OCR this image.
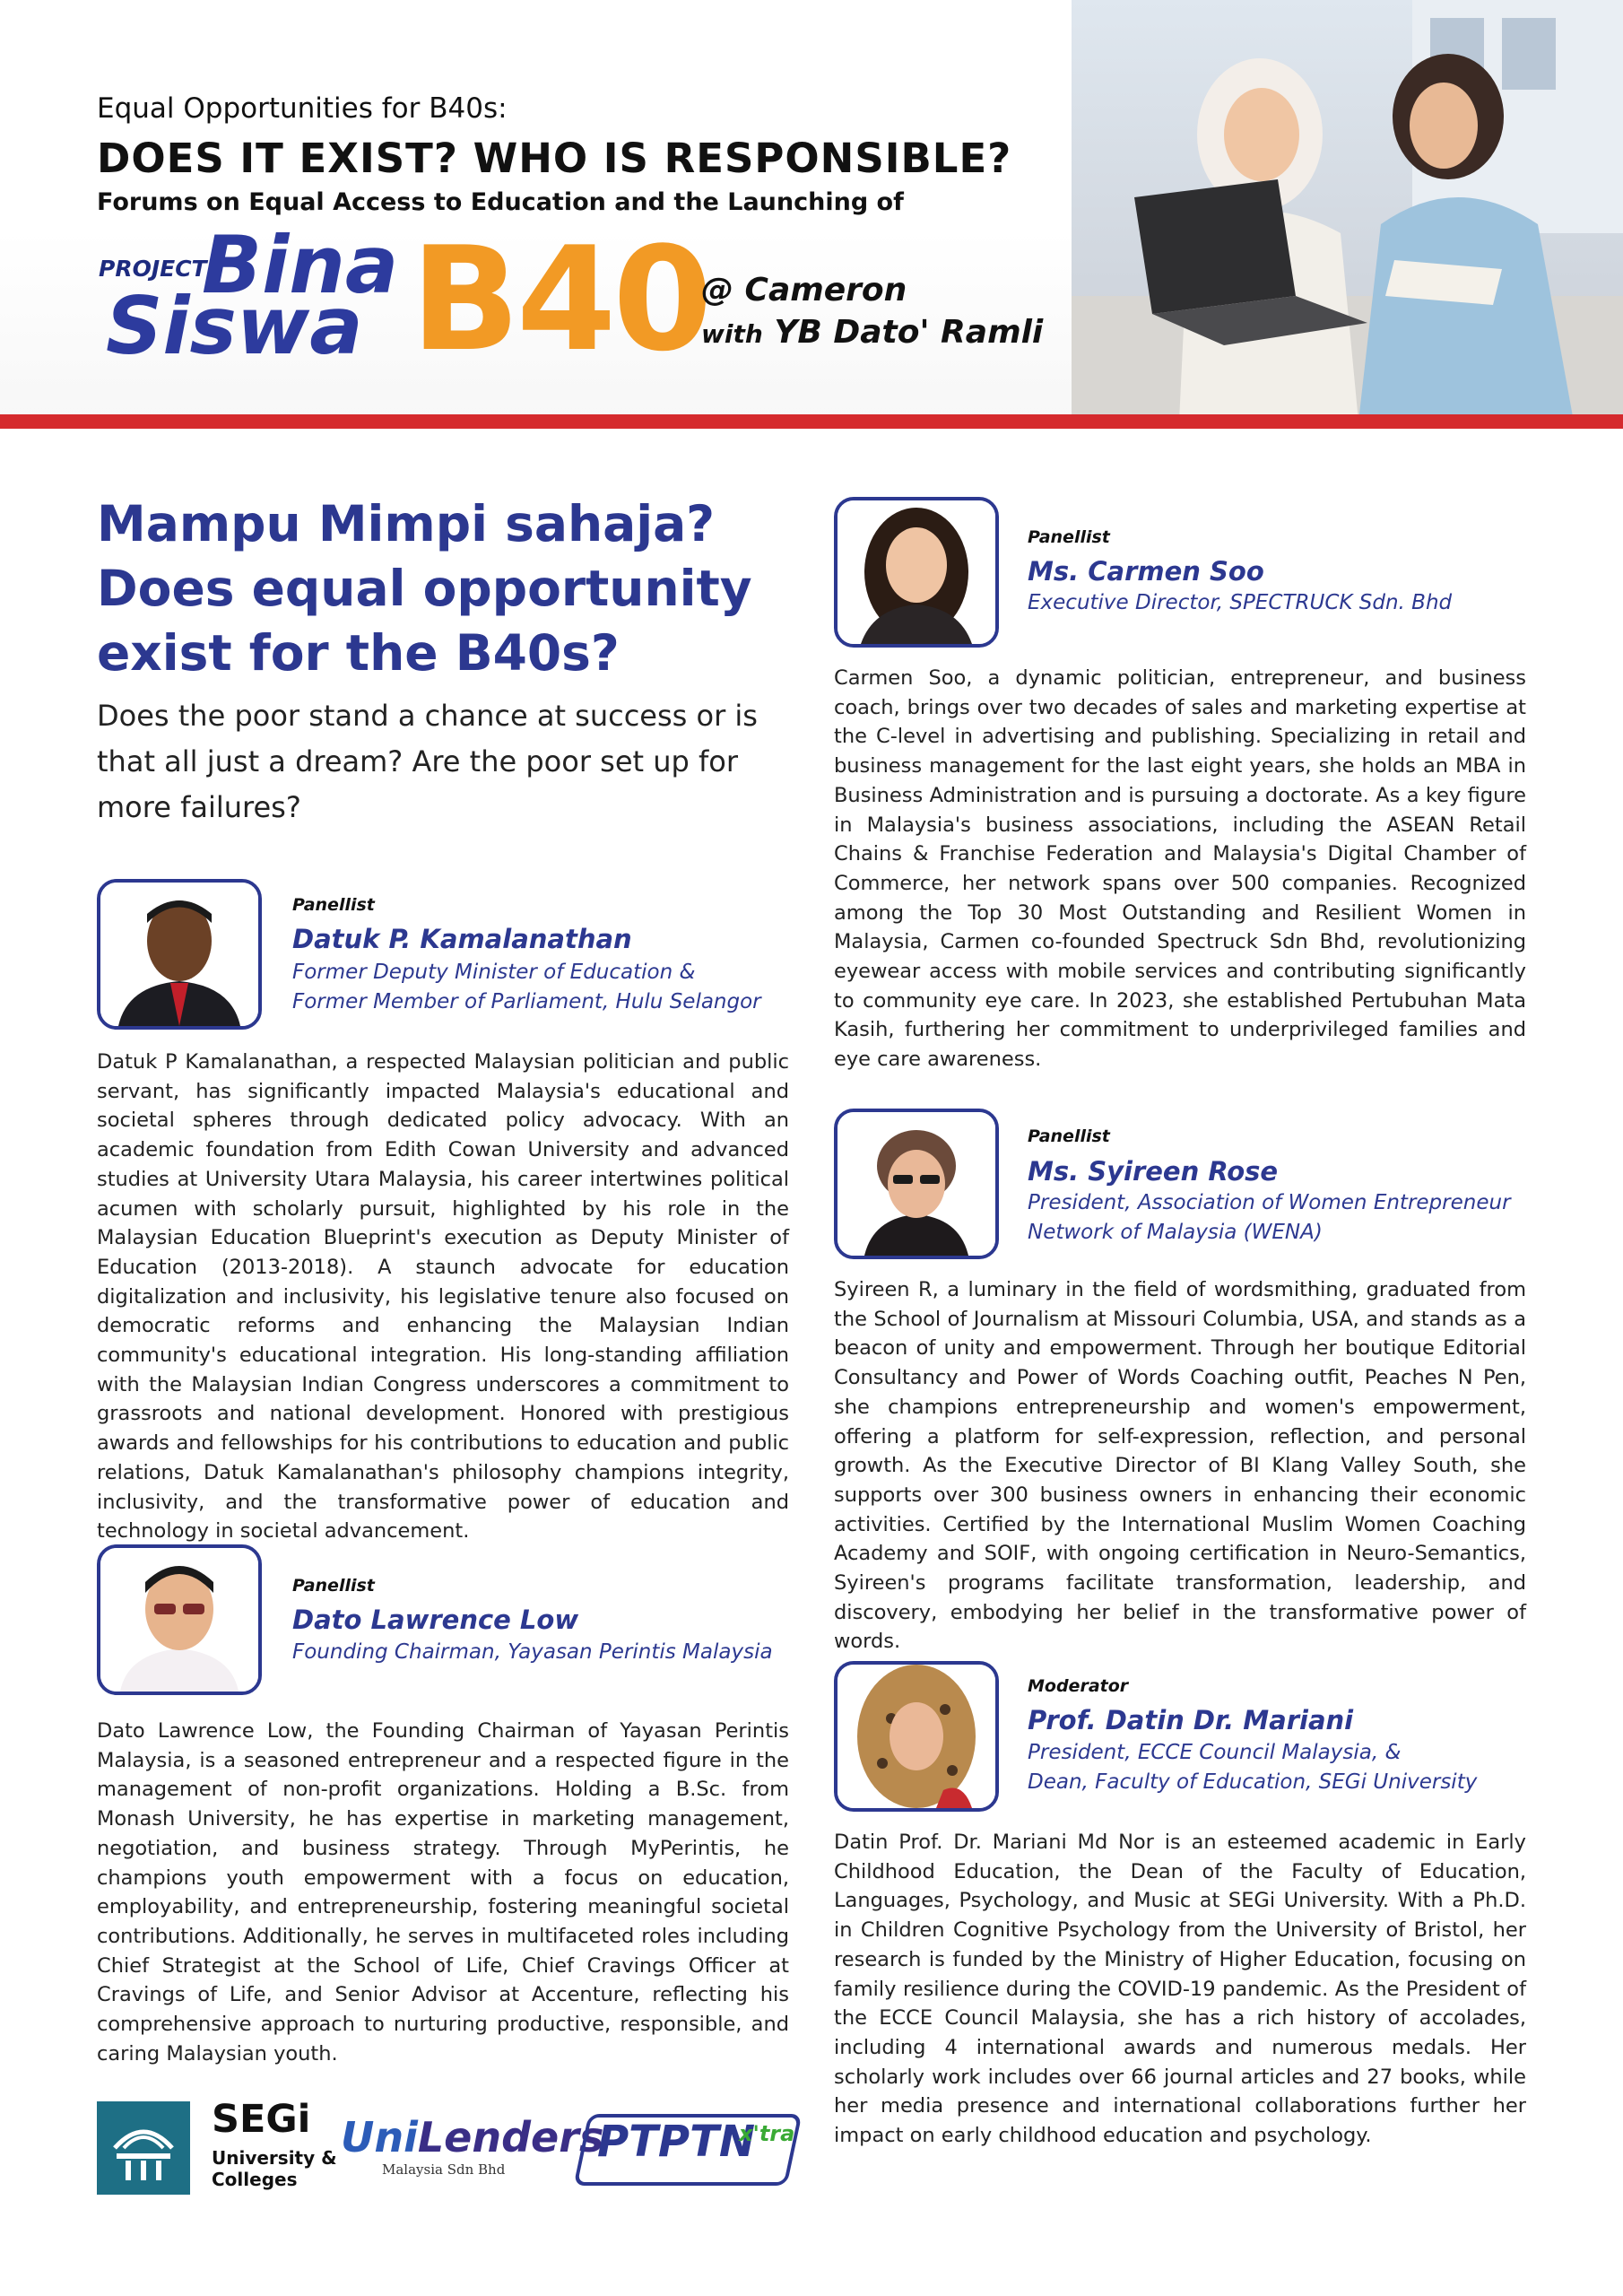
Equal Opportunities for B40s:
DOES IT EXIST? WHO IS RESPONSIBLE?
Forums on Equal Access to Education and the Launching of
PROJECT
Bina
Siswa B40
@ Cameron
with YB Dato' Ramli
Mampu Mimpi sahaja? Does equal opportunity exist for the B40s?
Does the poor stand a chance at success or is that all just a dream? Are the poor set up for more failures?
Panellist
Datuk P. Kamalanathan
Former Deputy Minister of Education &
Former Member of Parliament, Hulu Selangor
Datuk P Kamalanathan, a respected Malaysian politician and public servant, has significantly impacted Malaysia's educational and societal spheres through dedicated policy advocacy. With an academic foundation from Edith Cowan University and advanced studies at University Utara Malaysia, his career intertwines political acumen with scholarly pursuit, highlighted by his role in the Malaysian Education Blueprint's execution as Deputy Minister of Education (2013-2018). A staunch advocate for education digitalization and inclusivity, his legislative tenure also focused on democratic reforms and enhancing the Malaysian Indian community's educational integration. His long-standing affiliation with the Malaysian Indian Congress underscores a commitment to grassroots and national development. Honored with prestigious awards and fellowships for his contributions to education and public relations, Datuk Kamalanathan's philosophy champions integrity, inclusivity, and the transformative power of education and technology in societal advancement.
Panellist
Dato Lawrence Low
Founding Chairman, Yayasan Perintis Malaysia
Dato Lawrence Low, the Founding Chairman of Yayasan Perintis Malaysia, is a seasoned entrepreneur and a respected figure in the management of non-profit organizations. Holding a B.Sc. from Monash University, he has expertise in marketing management, negotiation, and business strategy. Through MyPerintis, he champions youth empowerment with a focus on education, employability, and entrepreneurship, fostering meaningful societal contributions. Additionally, he serves in multifaceted roles including Chief Strategist at the School of Life, Chief Cravings Officer at Cravings of Life, and Senior Advisor at Accenture, reflecting his comprehensive approach to nurturing productive, responsible, and caring Malaysian youth.
Panellist
Ms. Carmen Soo
Executive Director, SPECTRUCK Sdn. Bhd
Carmen Soo, a dynamic politician, entrepreneur, and business coach, brings over two decades of sales and marketing expertise at the C-level in advertising and publishing. Specializing in retail and business management for the last eight years, she holds an MBA in Business Administration and is pursuing a doctorate. As a key figure in Malaysia's business associations, including the ASEAN Retail Chains & Franchise Federation and Malaysia's Digital Chamber of Commerce, her network spans over 500 companies. Recognized among the Top 30 Most Outstanding and Resilient Women in Malaysia, Carmen co-founded Spectruck Sdn Bhd, revolutionizing eyewear access with mobile services and contributing significantly to community eye care. In 2023, she established Pertubuhan Mata Kasih, furthering her commitment to underprivileged families and eye care awareness.
Panellist
Ms. Syireen Rose
President, Association of Women Entrepreneur
Network of Malaysia (WENA)
Syireen R, a luminary in the field of wordsmithing, graduated from the School of Journalism at Missouri Columbia, USA, and stands as a beacon of unity and empowerment. Through her boutique Editorial Consultancy and Power of Words Coaching outfit, Peaches N Pen, she champions entrepreneurship and women's empowerment, offering a platform for self-expression, reflection, and personal growth. As the Executive Director of BI Klang Valley South, she supports over 300 business owners in enhancing their economic activities. Certified by the International Muslim Women Coaching Academy and SOIF, with ongoing certification in Neuro-Semantics, Syireen's programs facilitate transformation, leadership, and discovery, embodying her belief in the transformative power of words.
Moderator
Prof. Datin Dr. Mariani
President, ECCE Council Malaysia, &
Dean, Faculty of Education, SEGi University
Datin Prof. Dr. Mariani Md Nor is an esteemed academic in Early Childhood Education, the Dean of the Faculty of Education, Languages, Psychology, and Music at SEGi University. With a Ph.D. in Children Cognitive Psychology from the University of Bristol, her research is funded by the Ministry of Higher Education, focusing on family resilience during the COVID-19 pandemic. As the President of the ECCE Council Malaysia, she has a rich history of accolades, including 4 international awards and numerous medals. Her scholarly work includes over 66 journal articles and 27 books, while her media presence and international collaborations further her impact on early childhood education and psychology.
SEGi
University &
Colleges
UniLenders
Malaysia Sdn Bhd
PTPTN
x'tra
